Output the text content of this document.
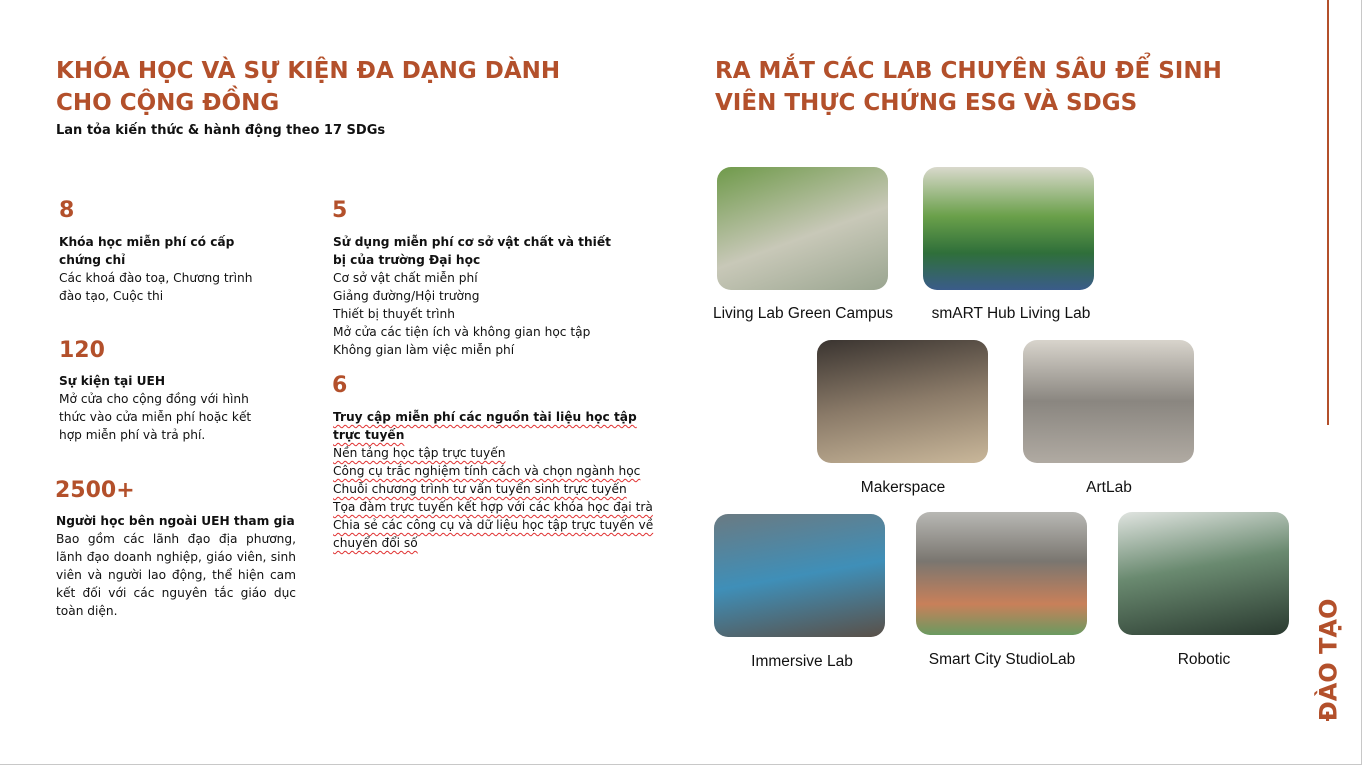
KHÓA HỌC VÀ SỰ KIỆN ĐA DẠNG DÀNH CHO CỘNG ĐỒNG
Lan tỏa kiến thức & hành động theo 17 SDGs
8
Khóa học miễn phí có cấp chứng chỉ
Các khoá đào toạ, Chương trình đào tạo, Cuộc thi
120
Sự kiện tại UEH
Mở cửa cho cộng đồng với hình thức vào cửa miễn phí hoặc kết hợp miễn phí và trả phí.
2500+
Người học bên ngoài UEH tham gia
Bao gồm các lãnh đạo địa phương, lãnh đạo doanh nghiệp, giáo viên, sinh viên và người lao động, thể hiện cam kết đối với các nguyên tắc giáo dục toàn diện.
5
Sử dụng miễn phí cơ sở vật chất và thiết bị của trường Đại học
Cơ sở vật chất miễn phí
Giảng đường/Hội trường
Thiết bị thuyết trình
Mở cửa các tiện ích và không gian học tập
Không gian làm việc miễn phí
6
Truy cập miễn phí các nguồn tài liệu học tập trực tuyến
Nền tảng học tập trực tuyến
Công cụ trắc nghiệm tính cách và chọn ngành học
Chuỗi chương trình tư vấn tuyển sinh trực tuyến
Tọa đàm trực tuyến kết hợp với các khóa học đại trà
Chia sẻ các công cụ và dữ liệu học tập trực tuyến về chuyển đổi số
RA MẮT CÁC LAB CHUYÊN SÂU ĐỂ SINH VIÊN THỰC CHỨNG ESG VÀ SDGS
Living Lab Green Campus	smART Hub Living Lab
Makerspace	ArtLab
Immersive Lab	Smart City StudioLab	Robotic	ĐÀO TẠO
